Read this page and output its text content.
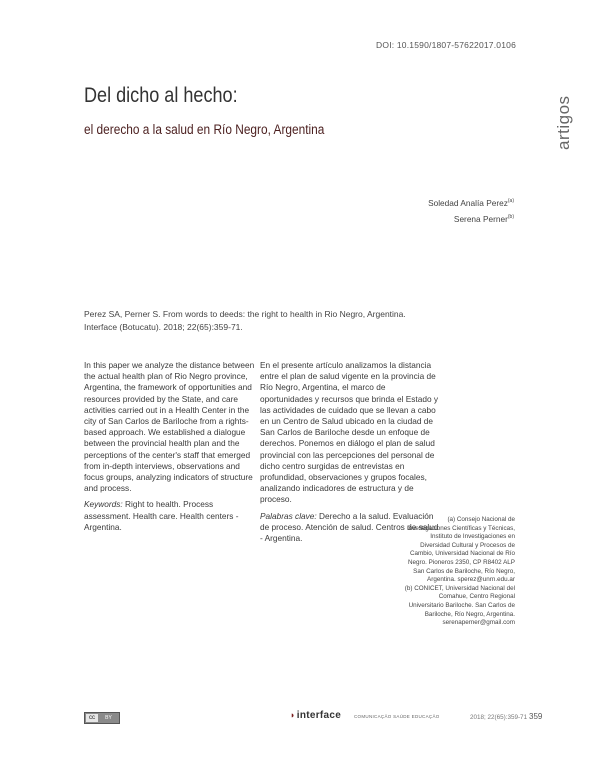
DOI: 10.1590/1807-57622017.0106
artigos
Del dicho al hecho:
el derecho a la salud en Río Negro, Argentina
Soledad Analía Perez$^{(a)}$
Serena Perner$^{(b)}$
Perez SA, Perner S. From words to deeds: the right to health in Rio Negro, Argentina. Interface (Botucatu). 2018; 22(65):359-71.

In this paper we analyze the distance between the actual health plan of Rio Negro province, Argentina, the framework of opportunities and resources provided by the State, and care activities carried out in a Health Center in the city of San Carlos de Bariloche from a rights-based approach. We established a dialogue between the provincial health plan and the perceptions of the center's staff that emerged from in-depth interviews, observations and focus groups, analyzing indicators of structure and process.

Keywords: Right to health. Process assessment. Health care. Health centers - Argentina.

En el presente artículo analizamos la distancia entre el plan de salud vigente en la provincia de Río Negro, Argentina, el marco de oportunidades y recursos que brinda el Estado y las actividades de cuidado que se llevan a cabo en un Centro de Salud ubicado en la ciudad de San Carlos de Bariloche desde un enfoque de derechos. Ponemos en diálogo el plan de salud provincial con las percepciones del personal de dicho centro surgidas de entrevistas en profundidad, observaciones y grupos focales, analizando indicadores de estructura y de proceso.

Palabras clave: Derecho a la salud. Evaluación de proceso. Atención de salud. Centros de salud - Argentina.

(a) Consejo Nacional de Investigaciones Científicas y Técnicas, Instituto de Investigaciones en Diversidad Cultural y Procesos de Cambio, Universidad Nacional de Río Negro. Pioneros 2350, CP R8402 ALP San Carlos de Bariloche, Río Negro, Argentina. sperez@unrn.edu.ar

(b) CONICET, Universidad Nacional del Comahue, Centro Regional Universitario Bariloche. San Carlos de Bariloche, Río Negro, Argentina. serenaperner@gmail.com

cc	BY	◗interface	COMUNICAÇÃO SAÚDE EDUCAÇÃO	2018; 22(65):359-71 359
